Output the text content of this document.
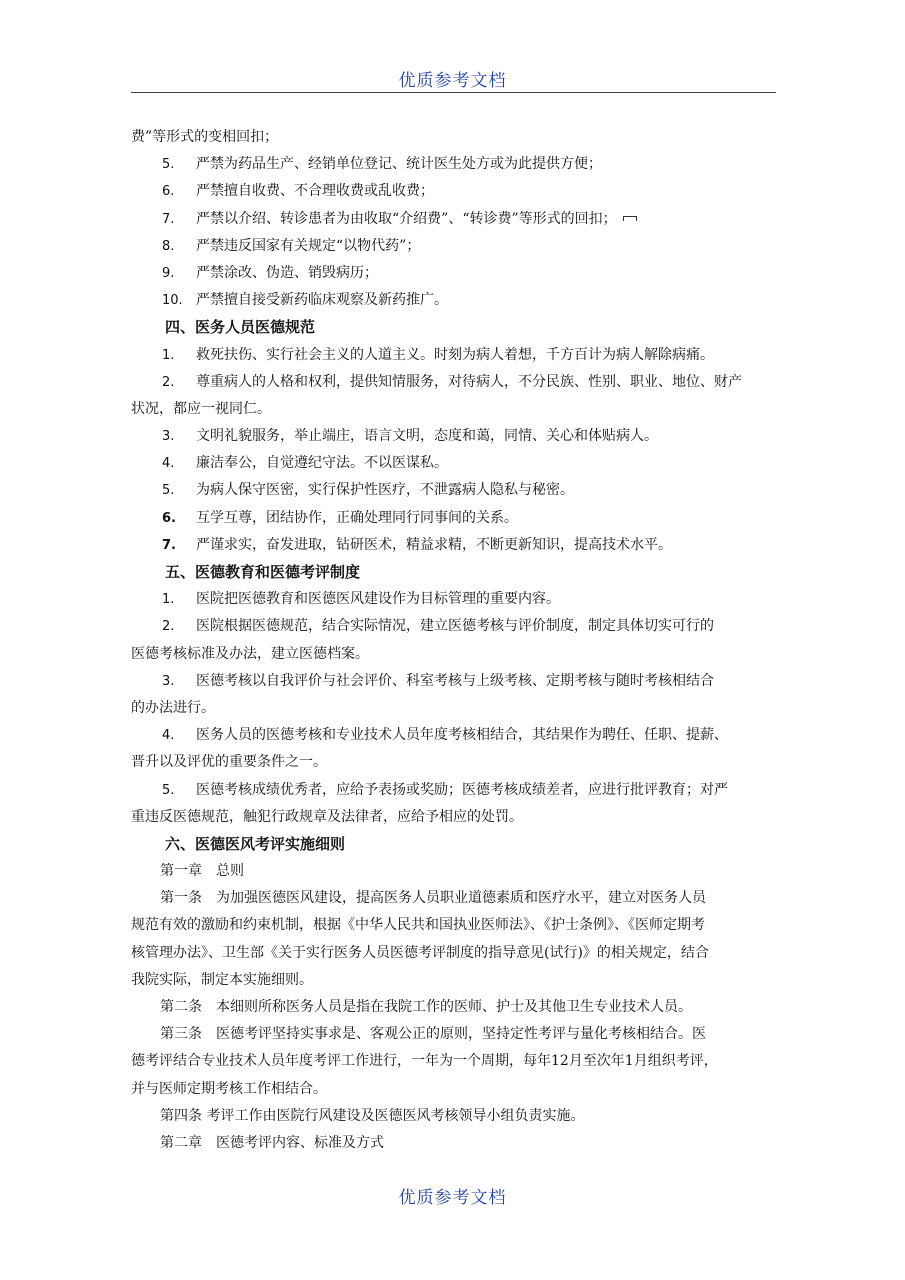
优质参考文档
费”等形式的变相回扣；
5. 严禁为药品生产、经销单位登记、统计医生处方或为此提供方便；
6. 严禁擅自收费、不合理收费或乱收费；
7. 严禁以介绍、转诊患者为由收取“介绍费”、“转诊费”等形式的回扣；
8. 严禁违反国家有关规定“以物代药”；
9. 严禁涂改、伪造、销毁病历；
10. 严禁擅自接受新药临床观察及新药推广。
四、医务人员医德规范
1. 救死扶伤、实行社会主义的人道主义。时刻为病人着想，千方百计为病人解除病痛。
2. 尊重病人的人格和权利，提供知情服务，对待病人，不分民族、性别、职业、地位、财产
状况，都应一视同仁。
3. 文明礼貌服务，举止端庄，语言文明，态度和蔼，同情、关心和体贴病人。
4. 廉洁奉公，自觉遵纪守法。不以医谋私。
5. 为病人保守医密，实行保护性医疗，不泄露病人隐私与秘密。
6. 互学互尊，团结协作，正确处理同行同事间的关系。
7. 严谨求实，奋发进取，钻研医术，精益求精，不断更新知识，提高技术水平。
五、医德教育和医德考评制度
1. 医院把医德教育和医德医风建设作为目标管理的重要内容。
2. 医院根据医德规范，结合实际情况，建立医德考核与评价制度，制定具体切实可行的
医德考核标准及办法，建立医德档案。
3. 医德考核以自我评价与社会评价、科室考核与上级考核、定期考核与随时考核相结合
的办法进行。
4. 医务人员的医德考核和专业技术人员年度考核相结合，其结果作为聘任、任职、提薪、
晋升以及评优的重要条件之一。
5. 医德考核成绩优秀者，应给予表扬或奖励；医德考核成绩差者，应进行批评教育；对严
重违反医德规范，触犯行政规章及法律者，应给予相应的处罚。
六、医德医风考评实施细则
第一章　总则
第一条　为加强医德医风建设，提高医务人员职业道德素质和医疗水平，建立对医务人员
规范有效的激励和约束机制，根据《中华人民共和国执业医师法》、《护士条例》、《医师定期考
核管理办法》、卫生部《关于实行医务人员医德考评制度的指导意见(试行)》的相关规定，结合
我院实际，制定本实施细则。
第二条　本细则所称医务人员是指在我院工作的医师、护士及其他卫生专业技术人员。
第三条　医德考评坚持实事求是、客观公正的原则，坚持定性考评与量化考核相结合。医
德考评结合专业技术人员年度考评工作进行，一年为一个周期，每年12月至次年1月组织考评，
并与医师定期考核工作相结合。
第四条 考评工作由医院行风建设及医德医风考核领导小组负责实施。
第二章　医德考评内容、标准及方式
优质参考文档
